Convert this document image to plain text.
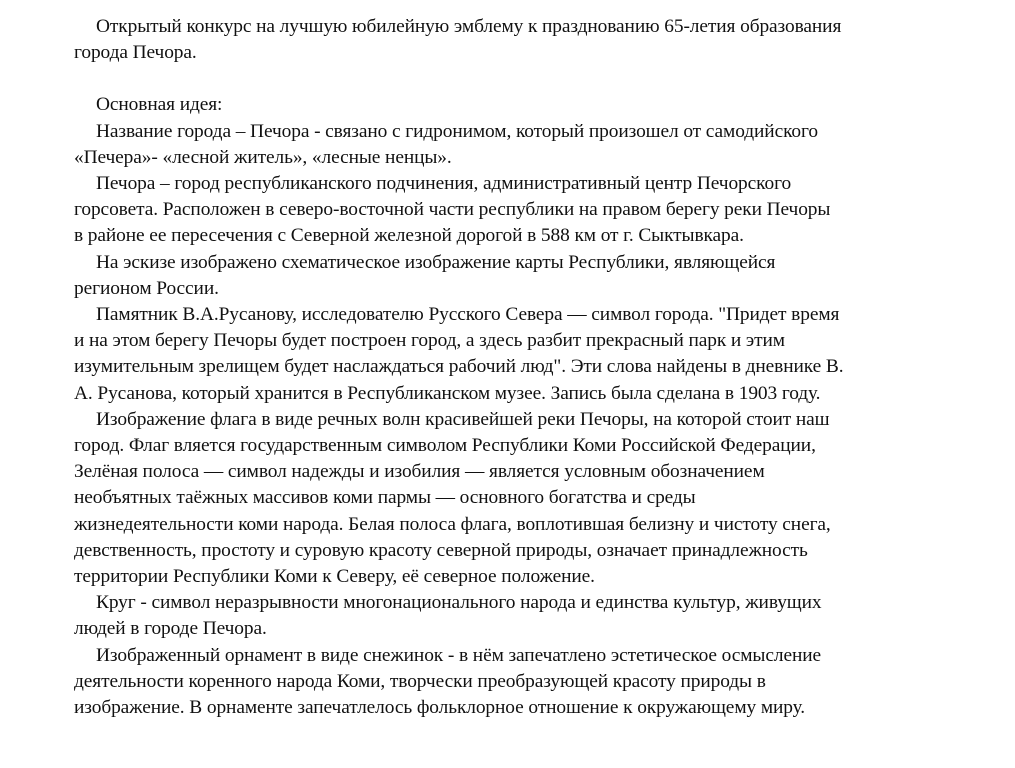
Открытый конкурс на лучшую юбилейную эмблему к празднованию 65-летия образования
города Печора.
Основная идея:
Название города – Печора - связано с гидронимом, который произошел от самодийского
«Печера»- «лесной житель», «лесные ненцы».
Печора – город республиканского подчинения, административный центр Печорского
горсовета. Расположен в северо-восточной части республики на правом берегу реки Печоры
в районе ее пересечения с Северной железной дорогой в 588 км от г. Сыктывкара.
На эскизе изображено схематическое изображение карты Республики, являющейся
регионом России.
Памятник В.А.Русанову, исследователю Русского Севера — символ города. "Придет время
и на этом берегу Печоры будет построен город, а здесь разбит прекрасный парк и этим
изумительным зрелищем будет наслаждаться рабочий люд". Эти слова найдены в дневнике В.
А. Русанова, который хранится в Республиканском музее. Запись была сделана в 1903 году.
Изображение флага в виде речных волн красивейшей реки Печоры, на которой стоит наш
город. Флаг вляется государственным символом Республики Коми Российской Федерации,
Зелёная полоса — символ надежды и изобилия — является условным обозначением
необъятных таёжных массивов коми пармы — основного богатства и среды
жизнедеятельности коми народа. Белая полоса флага, воплотившая белизну и чистоту снега,
девственность, простоту и суровую красоту северной природы, означает принадлежность
территории Республики Коми к Северу, её северное положение.
Круг - символ неразрывности многонационального народа и единства культур, живущих
людей в городе Печора.
Изображенный орнамент в виде снежинок - в нём запечатлено эстетическое осмысление
деятельности коренного народа Коми, творчески преобразующей красоту природы в
изображение. В орнаменте запечатлелось фольклорное отношение к окружающему миру.
